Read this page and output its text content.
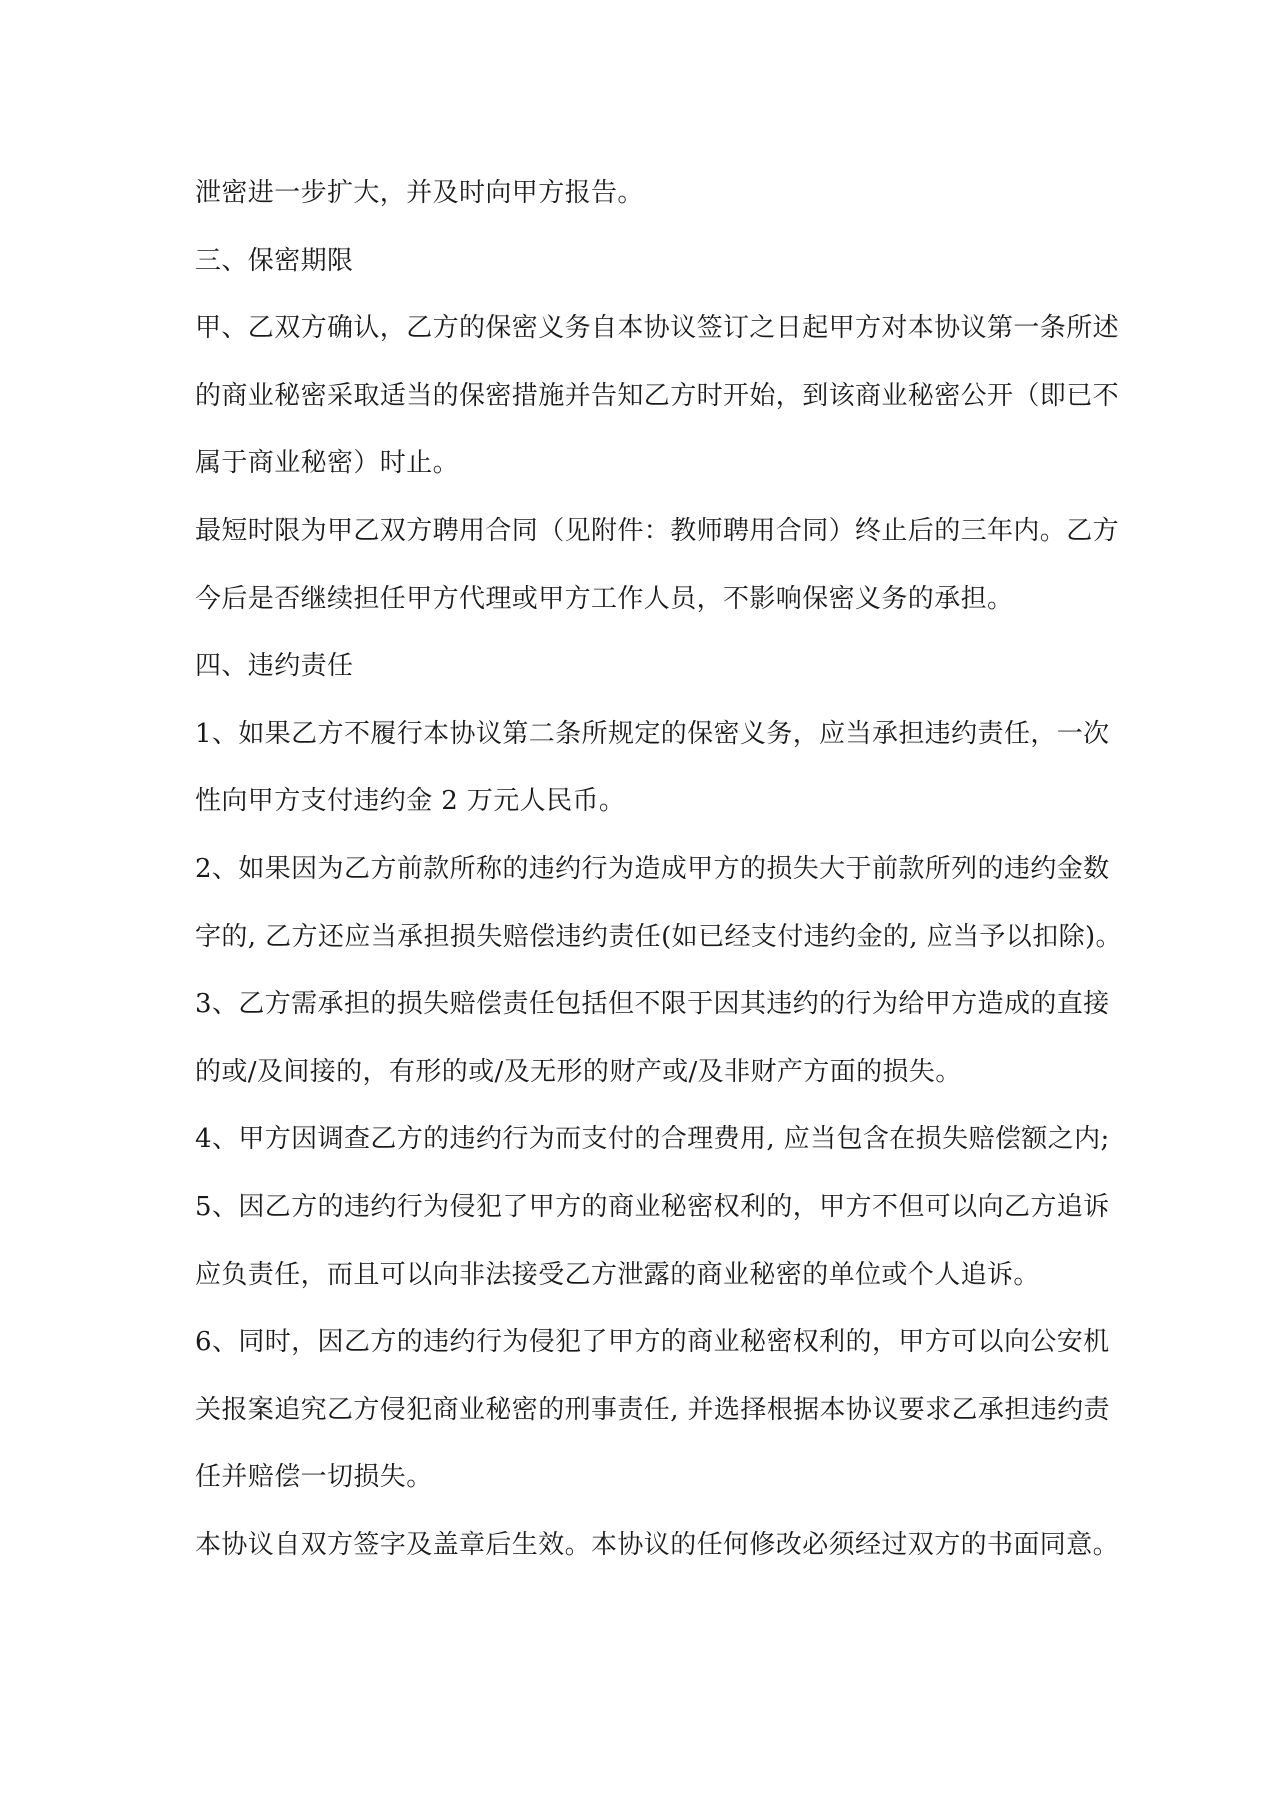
泄密进一步扩大，并及时向甲方报告。
三、保密期限
甲、乙双方确认，乙方的保密义务自本协议签订之日起甲方对本协议第一条所述
的商业秘密采取适当的保密措施并告知乙方时开始，到该商业秘密公开（即已不
属于商业秘密）时止。
最短时限为甲乙双方聘用合同（见附件：教师聘用合同）终止后的三年内。乙方
今后是否继续担任甲方代理或甲方工作人员，不影响保密义务的承担。
四、违约责任
1、如果乙方不履行本协议第二条所规定的保密义务，应当承担违约责任，一次
性向甲方支付违约金 2 万元人民币。
2、如果因为乙方前款所称的违约行为造成甲方的损失大于前款所列的违约金数
字的, 乙方还应当承担损失赔偿违约责任(如已经支付违约金的, 应当予以扣除)。
3、乙方需承担的损失赔偿责任包括但不限于因其违约的行为给甲方造成的直接
的或/及间接的，有形的或/及无形的财产或/及非财产方面的损失。
4、甲方因调查乙方的违约行为而支付的合理费用, 应当包含在损失赔偿额之内;
5、因乙方的违约行为侵犯了甲方的商业秘密权利的，甲方不但可以向乙方追诉
应负责任，而且可以向非法接受乙方泄露的商业秘密的单位或个人追诉。
6、同时，因乙方的违约行为侵犯了甲方的商业秘密权利的，甲方可以向公安机
关报案追究乙方侵犯商业秘密的刑事责任, 并选择根据本协议要求乙承担违约责
任并赔偿一切损失。
本协议自双方签字及盖章后生效。本协议的任何修改必须经过双方的书面同意。
